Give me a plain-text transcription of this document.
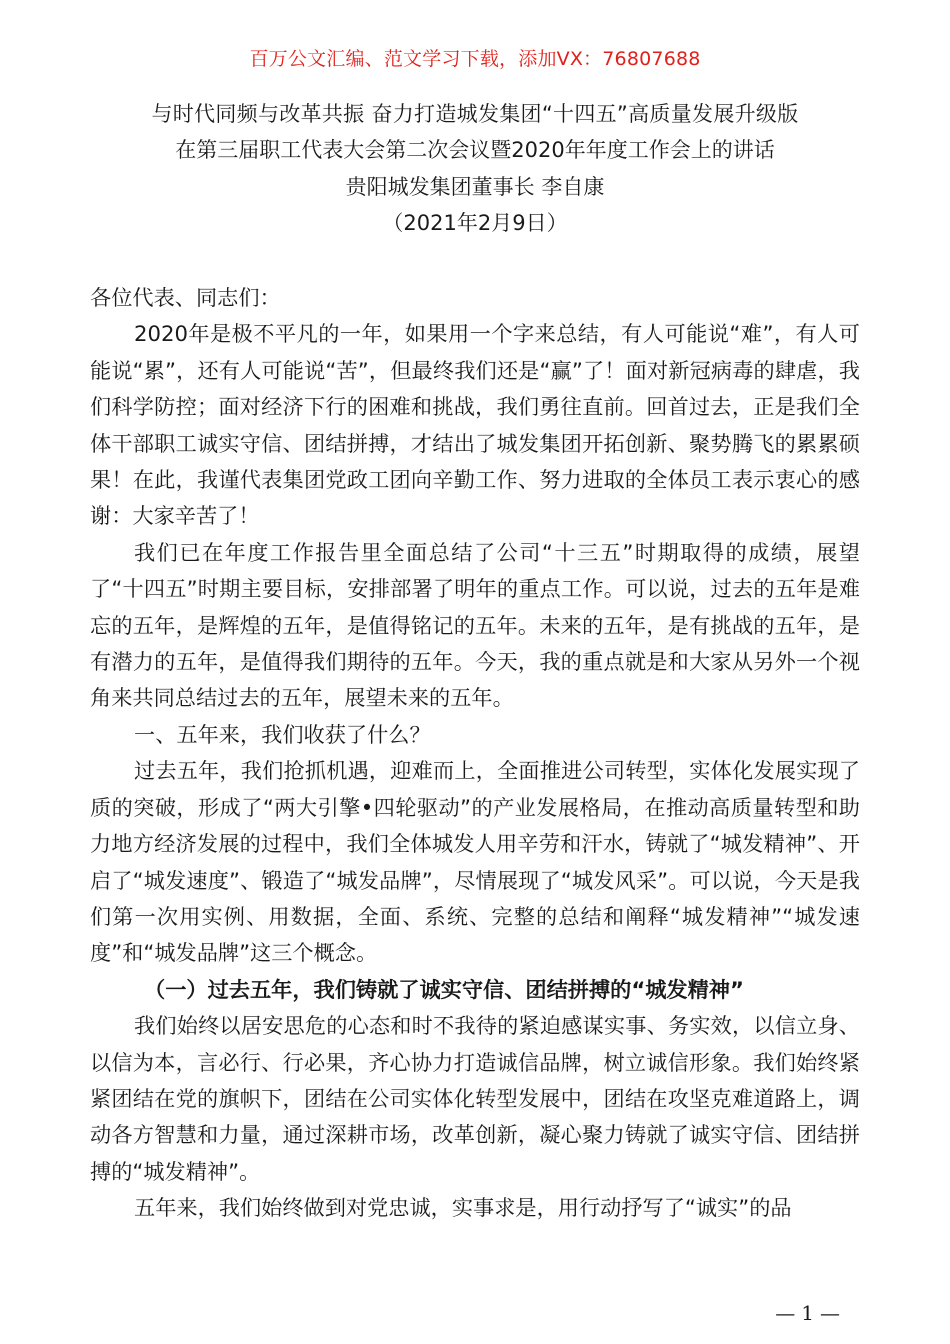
百万公文汇编、范文学习下载，添加VX：76807688
与时代同频与改革共振 奋力打造城发集团“十四五”高质量发展升级版
在第三届职工代表大会第二次会议暨2020年年度工作会上的讲话
贵阳城发集团董事长 李自康
（2021年2月9日）

各位代表、同志们：

2020年是极不平凡的一年，如果用一个字来总结，有人可能说“难”，有人可能说“累”，还有人可能说“苦”，但最终我们还是“赢”了！面对新冠病毒的肆虐，我们科学防控；面对经济下行的困难和挑战，我们勇往直前。回首过去，正是我们全体干部职工诚实守信、团结拼搏，才结出了城发集团开拓创新、聚势腾飞的累累硕果！在此，我谨代表集团党政工团向辛勤工作、努力进取的全体员工表示衷心的感谢：大家辛苦了！

我们已在年度工作报告里全面总结了公司“十三五”时期取得的成绩，展望了“十四五”时期主要目标，安排部署了明年的重点工作。可以说，过去的五年是难忘的五年，是辉煌的五年，是值得铭记的五年。未来的五年，是有挑战的五年，是有潜力的五年，是值得我们期待的五年。今天，我的重点就是和大家从另外一个视角来共同总结过去的五年，展望未来的五年。

一、五年来，我们收获了什么？

过去五年，我们抢抓机遇，迎难而上，全面推进公司转型，实体化发展实现了质的突破，形成了“两大引擎•四轮驱动”的产业发展格局，在推动高质量转型和助力地方经济发展的过程中，我们全体城发人用辛劳和汗水，铸就了“城发精神”、开启了“城发速度”、锻造了“城发品牌”，尽情展现了“城发风采”。可以说，今天是我们第一次用实例、用数据，全面、系统、完整的总结和阐释“城发精神”“城发速度”和“城发品牌”这三个概念。

（一）过去五年，我们铸就了诚实守信、团结拼搏的“城发精神”

我们始终以居安思危的心态和时不我待的紧迫感谋实事、务实效，以信立身、以信为本，言必行、行必果，齐心协力打造诚信品牌，树立诚信形象。我们始终紧紧团结在党的旗帜下，团结在公司实体化转型发展中，团结在攻坚克难道路上，调动各方智慧和力量，通过深耕市场，改革创新，凝心聚力铸就了诚实守信、团结拼搏的“城发精神”。

五年来，我们始终做到对党忠诚，实事求是，用行动抒写了“诚实”的品

—1—
